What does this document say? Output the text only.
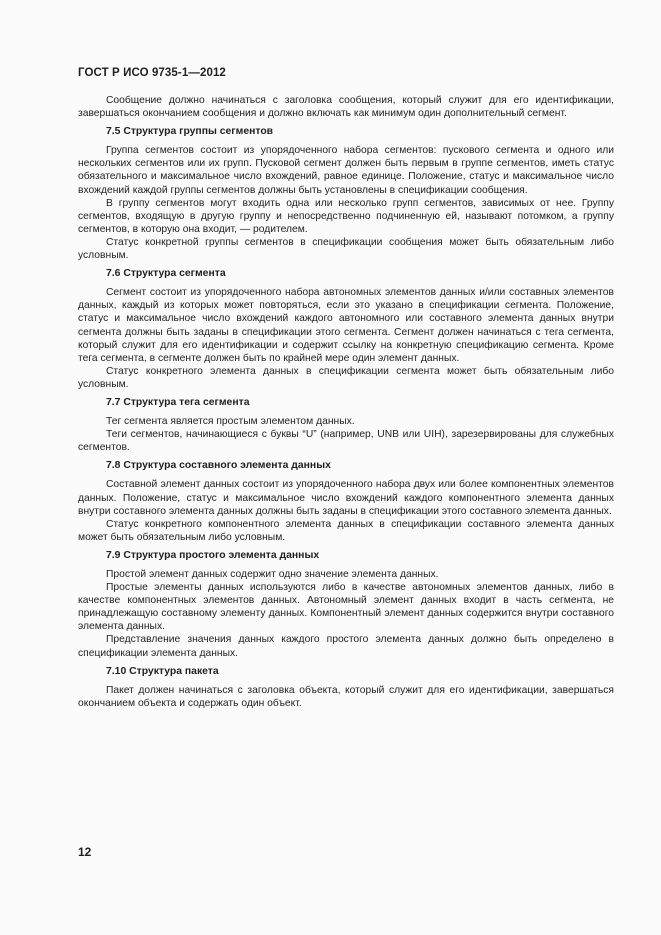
ГОСТ Р ИСО 9735-1—2012

Сообщение должно начинаться с заголовка сообщения, который служит для его идентификации, завершаться окончанием сообщения и должно включать как минимум один дополнительный сегмент.

7.5 Структура группы сегментов

Группа сегментов состоит из упорядоченного набора сегментов: пускового сегмента и одного или нескольких сегментов или их групп. Пусковой сегмент должен быть первым в группе сегментов, иметь статус обязательного и максимальное число вхождений, равное единице. Положение, статус и максимальное число вхождений каждой группы сегментов должны быть установлены в спецификации сообщения.

В группу сегментов могут входить одна или несколько групп сегментов, зависимых от нее. Группу сегментов, входящую в другую группу и непосредственно подчиненную ей, называют потомком, а группу сегментов, в которую она входит, — родителем.

Статус конкретной группы сегментов в спецификации сообщения может быть обязательным либо условным.

7.6 Структура сегмента

Сегмент состоит из упорядоченного набора автономных элементов данных и/или составных элементов данных, каждый из которых может повторяться, если это указано в спецификации сегмента. Положение, статус и максимальное число вхождений каждого автономного или составного элемента данных внутри сегмента должны быть заданы в спецификации этого сегмента. Сегмент должен начинаться с тега сегмента, который служит для его идентификации и содержит ссылку на конкретную спецификацию сегмента. Кроме тега сегмента, в сегменте должен быть по крайней мере один элемент данных.

Статус конкретного элемента данных в спецификации сегмента может быть обязательным либо условным.

7.7 Структура тега сегмента

Тег сегмента является простым элементом данных.

Теги сегментов, начинающиеся с буквы “U” (например, UNB или UIH), зарезервированы для служебных сегментов.

7.8 Структура составного элемента данных

Составной элемент данных состоит из упорядоченного набора двух или более компонентных элементов данных. Положение, статус и максимальное число вхождений каждого компонентного элемента данных внутри составного элемента данных должны быть заданы в спецификации этого составного элемента данных.

Статус конкретного компонентного элемента данных в спецификации составного элемента данных может быть обязательным либо условным.

7.9 Структура простого элемента данных

Простой элемент данных содержит одно значение элемента данных.

Простые элементы данных используются либо в качестве автономных элементов данных, либо в качестве компонентных элементов данных. Автономный элемент данных входит в часть сегмента, не принадлежащую составному элементу данных. Компонентный элемент данных содержится внутри составного элемента данных.

Представление значения данных каждого простого элемента данных должно быть определено в спецификации элемента данных.

7.10 Структура пакета

Пакет должен начинаться с заголовка объекта, который служит для его идентификации, завершаться окончанием объекта и содержать один объект.

12
